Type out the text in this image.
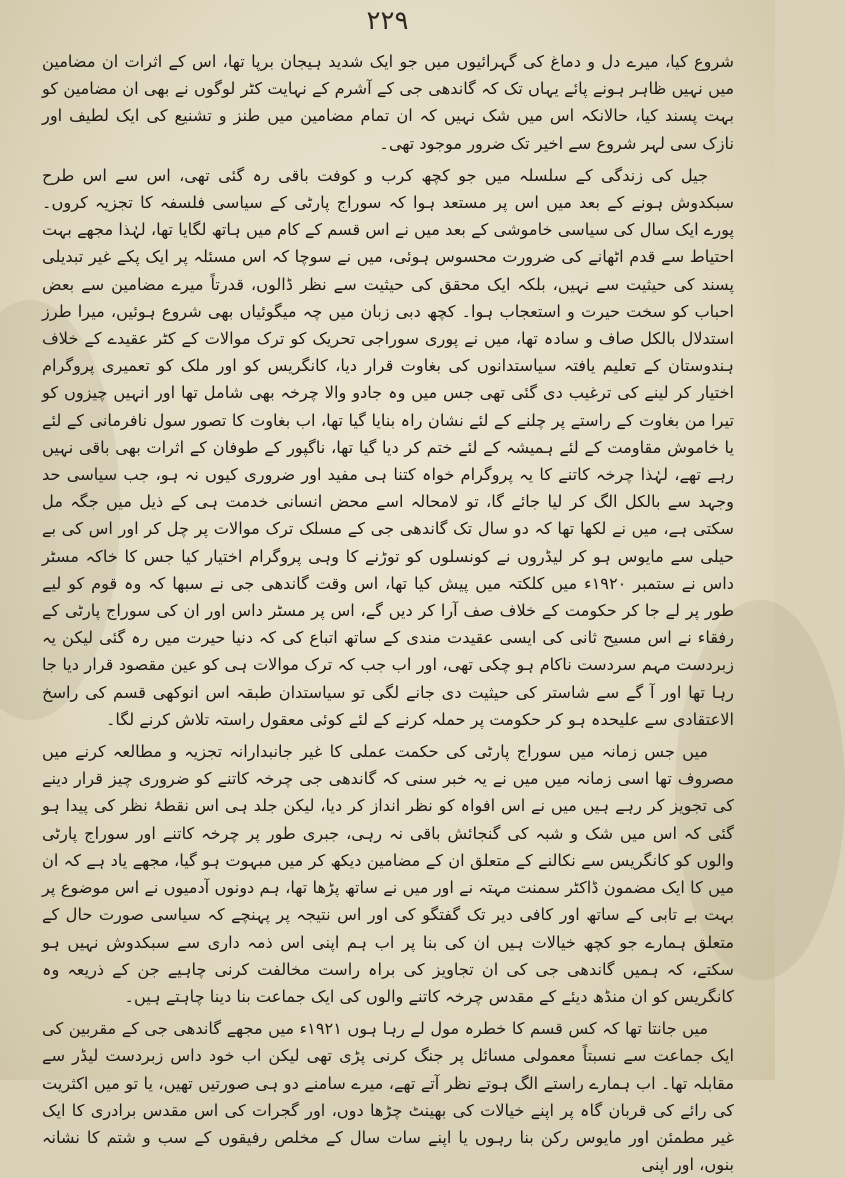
۲۲۹

شروع کیا، میرے دل و دماغ کی گہرائیوں میں جو ایک شدید ہیجان برپا تھا، اس کے اثرات ان مضامین میں نہیں ظاہر ہونے پائے یہاں تک کہ گاندھی جی کے آشرم کے نہایت کٹر لوگوں نے بھی ان مضامین کو بہت پسند کیا، حالانکہ اس میں شک نہیں کہ ان تمام مضامین میں طنز و تشنیع کی ایک لطیف اور نازک سی لہر شروع سے اخیر تک ضرور موجود تھی۔

جیل کی زندگی کے سلسلہ میں جو کچھ کرب و کوفت باقی رہ گئی تھی، اس سے اس طرح سبکدوش ہونے کے بعد میں اس پر مستعد ہوا کہ سوراج پارٹی کے سیاسی فلسفہ کا تجزیہ کروں۔ پورے ایک سال کی سیاسی خاموشی کے بعد میں نے اس قسم کے کام میں ہاتھ لگایا تھا، لہٰذا مجھے بہت احتیاط سے قدم اٹھانے کی ضرورت محسوس ہوئی، میں نے سوچا کہ اس مسئلہ پر ایک پکے غیر تبدیلی پسند کی حیثیت سے نہیں، بلکہ ایک محقق کی حیثیت سے نظر ڈالوں، قدرتاً میرے مضامین سے بعض احباب کو سخت حیرت و استعجاب ہوا۔ کچھ دبی زبان میں چہ میگوئیاں بھی شروع ہوئیں، میرا طرز استدلال بالکل صاف و سادہ تھا، میں نے پوری سوراجی تحریک کو ترک موالات کے کٹر عقیدے کے خلاف ہندوستان کے تعلیم یافتہ سیاستدانوں کی بغاوت قرار دیا، کانگریس کو اور ملک کو تعمیری پروگرام اختیار کر لینے کی ترغیب دی گئی تھی جس میں وہ جادو والا چرخہ بھی شامل تھا اور انہیں چیزوں کو تیرا من بغاوت کے راستے پر چلنے کے لئے نشان راہ بنایا گیا تھا، اب بغاوت کا تصور سول نافرمانی کے لئے یا خاموش مقاومت کے لئے ہمیشہ کے لئے ختم کر دیا گیا تھا، ناگپور کے طوفان کے اثرات بھی باقی نہیں رہے تھے، لہٰذا چرخہ کاتنے کا یہ پروگرام خواہ کتنا ہی مفید اور ضروری کیوں نہ ہو، جب سیاسی حد وجہد سے بالکل الگ کر لیا جائے گا، تو لامحالہ اسے محض انسانی خدمت ہی کے ذیل میں جگہ مل سکتی ہے، میں نے لکھا تھا کہ دو سال تک گاندھی جی کے مسلک ترک موالات پر چل کر اور اس کی بے حیلی سے مایوس ہو کر لیڈروں نے کونسلوں کو توڑنے کا وہی پروگرام اختیار کیا جس کا خاکہ مسٹر داس نے ستمبر ۱۹۲۰ء میں کلکتہ میں پیش کیا تھا، اس وقت گاندھی جی نے سبھا کہ وہ قوم کو لیے طور پر لے جا کر حکومت کے خلاف صف آرا کر دیں گے، اس پر مسٹر داس اور ان کی سوراج پارٹی کے رفقاء نے اس مسیح ثانی کی ایسی عقیدت مندی کے ساتھ اتباع کی کہ دنیا حیرت میں رہ گئی لیکن یہ زبردست مہم سردست ناکام ہو چکی تھی، اور اب جب کہ ترک موالات ہی کو عین مقصود قرار دیا جا رہا تھا اور آ گے سے شاستر کی حیثیت دی جانے لگی تو سیاستدان طبقہ اس انوکھی قسم کی راسخ الاعتقادی سے علیحدہ ہو کر حکومت پر حملہ کرنے کے لئے کوئی معقول راستہ تلاش کرنے لگا۔

میں جس زمانہ میں سوراج پارٹی کی حکمت عملی کا غیر جانبدارانہ تجزیہ و مطالعہ کرنے میں مصروف تھا اسی زمانہ میں میں نے یہ خبر سنی کہ گاندھی جی چرخہ کاتنے کو ضروری چیز قرار دینے کی تجویز کر رہے ہیں میں نے اس افواہ کو نظر انداز کر دیا، لیکن جلد ہی اس نقطۂ نظر کی پیدا ہو گئی کہ اس میں شک و شبہ کی گنجائش باقی نہ رہی، جبری طور پر چرخہ کاتنے اور سوراج پارٹی والوں کو کانگریس سے نکالنے کے متعلق ان کے مضامین دیکھ کر میں مبہوت ہو گیا، مجھے یاد ہے کہ ان میں کا ایک مضمون ڈاکٹر سمنت مہتہ نے اور میں نے ساتھ پڑھا تھا، ہم دونوں آدمیوں نے اس موضوع پر بہت بے تابی کے ساتھ اور کافی دیر تک گفتگو کی اور اس نتیجہ پر پہنچے کہ سیاسی صورت حال کے متعلق ہمارے جو کچھ خیالات ہیں ان کی بنا پر اب ہم اپنی اس ذمہ داری سے سبکدوش نہیں ہو سکتے، کہ ہمیں گاندھی جی کی ان تجاویز کی براہ راست مخالفت کرنی چاہیے جن کے ذریعہ وہ کانگریس کو ان منڈھ دیئے کے مقدس چرخہ کاتنے والوں کی ایک جماعت بنا دینا چاہتے ہیں۔

میں جانتا تھا کہ کس قسم کا خطرہ مول لے رہا ہوں ۱۹۲۱ء میں مجھے گاندھی جی کے مقربین کی ایک جماعت سے نسبتاً معمولی مسائل پر جنگ کرنی پڑی تھی لیکن اب خود داس زبردست لیڈر سے مقابلہ تھا۔ اب ہمارے راستے الگ ہوتے نظر آتے تھے، میرے سامنے دو ہی صورتیں تھیں، یا تو میں اکثریت کی رائے کی قربان گاہ پر اپنے خیالات کی بھینٹ چڑھا دوں، اور گجرات کی اس مقدس برادری کا ایک غیر مطمئن اور مایوس رکن بنا رہوں یا اپنے سات سال کے مخلص رفیقوں کے سب و شتم کا نشانہ بنوں، اور اپنی
